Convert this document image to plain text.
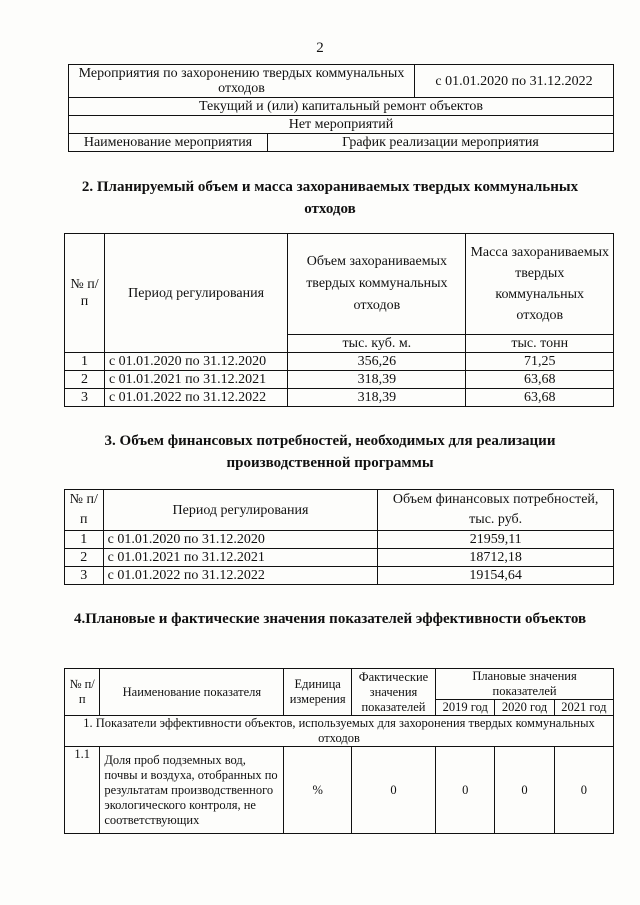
2
Мероприятия по захоронению твердых коммунальных отходов		с 01.01.2020 по 31.12.2022
Текущий и (или) капитальный ремонт объектов		
Нет мероприятий		
Наименование мероприятия	График реализации мероприятия	
2. Планируемый объем и масса захораниваемых твердых коммунальных отходов
№ п/п	Период регулирования	Объем захораниваемых твердых коммунальных отходов	Масса захораниваемых твердых коммунальных отходов
		тыс. куб. м.	тыс. тонн
1	с 01.01.2020 по 31.12.2020	356,26	71,25
2	с 01.01.2021 по 31.12.2021	318,39	63,68
3	с 01.01.2022 по 31.12.2022	318,39	63,68
3. Объем финансовых потребностей, необходимых для реализации производственной программы
№ п/п	Период регулирования	Объем финансовых потребностей, тыс. руб.
1	с 01.01.2020 по 31.12.2020	21959,11
2	с 01.01.2021 по 31.12.2021	18712,18
3	с 01.01.2022 по 31.12.2022	19154,64
4.Плановые и фактические значения показателей эффективности объектов
№ п/п	Наименование показателя	Единица измерения	Фактические значения показателей	Плановые значения показателей		
				2019 год	2020 год	2021 год
1. Показатели эффективности объектов, используемых для захоронения твердых коммунальных отходов						
1.1	Доля проб подземных вод, почвы и воздуха, отобранных по результатам производственного экологического контроля, не соответствующих	%	0	0	0	0
